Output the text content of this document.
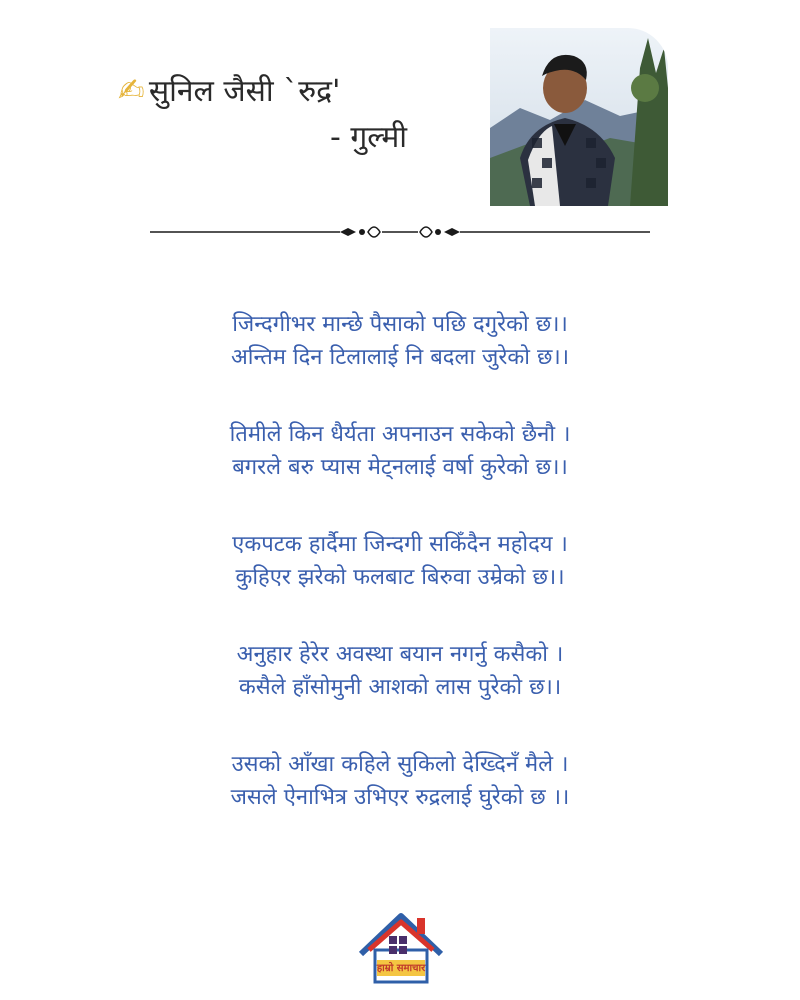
✍ सुनिल जैसी `रुद्र'
- गुल्मी
जिन्दगीभर मान्छे पैसाको पछि दगुरेको छ।।
अन्तिम दिन टिलालाई नि बदला जुरेको छ।।
तिमीले किन धैर्यता अपनाउन सकेको छैनौ ।
बगरले बरु प्यास मेट्नलाई वर्षा कुरेको छ।।
एकपटक हार्दैमा जिन्दगी सकिँदैन महोदय ।
कुहिएर झरेको फलबाट बिरुवा उम्रेको छ।।
अनुहार हेरेर अवस्था बयान नगर्नु कसैको ।
कसैले हाँसोमुनी आशको लास पुरेको छ।।
उसको आँखा कहिले सुकिलो देख्दिनँ मैले ।
जसले ऐनाभित्र उभिएर रुद्रलाई घुरेको छ ।।
हाम्रो समाचार
